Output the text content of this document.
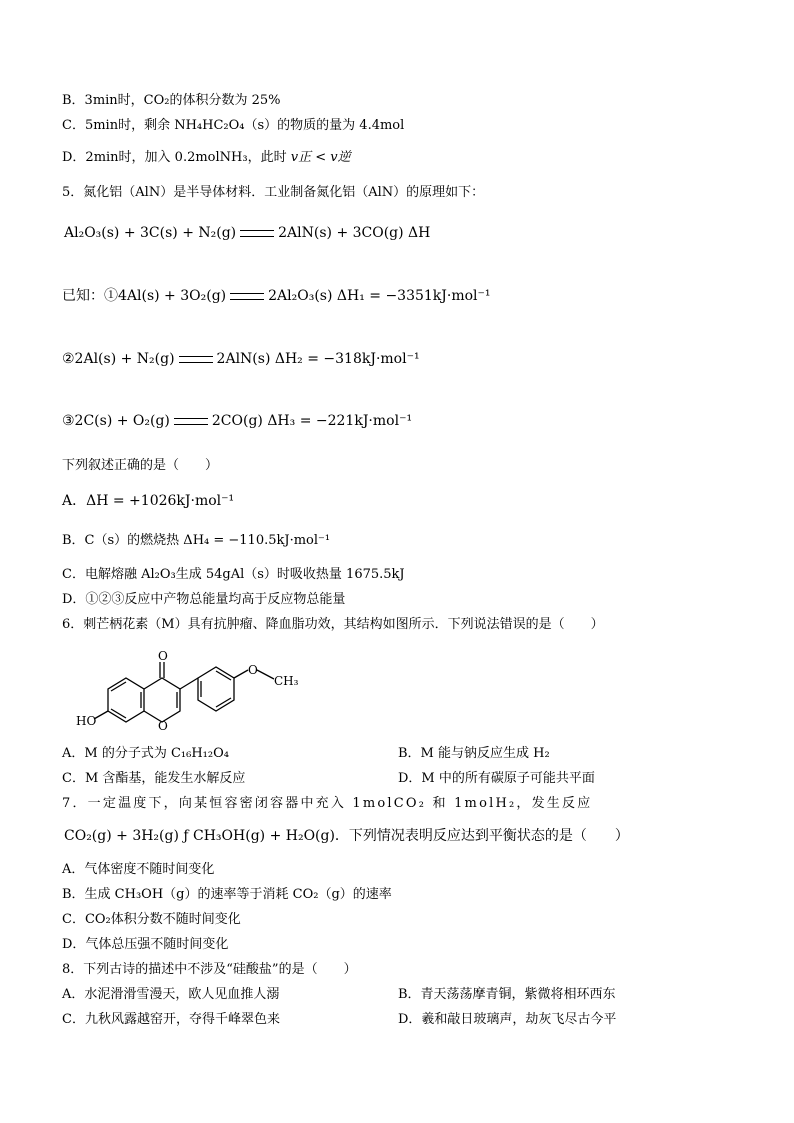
B．3min时，CO₂的体积分数为 25%
C．5min时，剩余 NH₄HC₂O₄（s）的物质的量为 4.4mol
D．2min时，加入 0.2molNH₃，此时 v正 < v逆
5．氮化铝（AlN）是半导体材料．工业制备氮化铝（AlN）的原理如下：
Al₂O₃(s) + 3C(s) + N₂(g)	2AlN(s) + 3CO(g) ΔH
已知：①4Al(s) + 3O₂(g)	2Al₂O₃(s) ΔH₁ = −3351kJ·mol⁻¹
②2Al(s) + N₂(g)	2AlN(s) ΔH₂ = −318kJ·mol⁻¹
③2C(s) + O₂(g)	2CO(g) ΔH₃ = −221kJ·mol⁻¹
下列叙述正确的是（　　）
A．ΔH = +1026kJ·mol⁻¹
B．C（s）的燃烧热 ΔH₄ = −110.5kJ·mol⁻¹
C．电解熔融 Al₂O₃生成 54gAl（s）时吸收热量 1675.5kJ
D．①②③反应中产物总能量均高于反应物总能量
6．刺芒柄花素（M）具有抗肿瘤、降血脂功效，其结构如图所示．下列说法错误的是（　　）
O
HO	O
O
CH₃
A．M 的分子式为 C₁₆H₁₂O₄	B．M 能与钠反应生成 H₂
C．M 含酯基，能发生水解反应	D．M 中的所有碳原子可能共平面
7．一定温度下，向某恒容密闭容器中充入 1molCO₂ 和 1molH₂，发生反应
CO₂(g) + 3H₂(g) ƒ CH₃OH(g) + H₂O(g)．下列情况表明反应达到平衡状态的是（　　）
A．气体密度不随时间变化
B．生成 CH₃OH（g）的速率等于消耗 CO₂（g）的速率
C．CO₂体积分数不随时间变化
D．气体总压强不随时间变化
8．下列古诗的描述中不涉及“硅酸盐”的是（　　）
A．水泥滑滑雪漫天，欧人见血推人溺	B．青天荡荡摩青铜，紫微将相环西东
C．九秋风露越窑开，夺得千峰翠色来	D．羲和敲日玻璃声，劫灰飞尽古今平
